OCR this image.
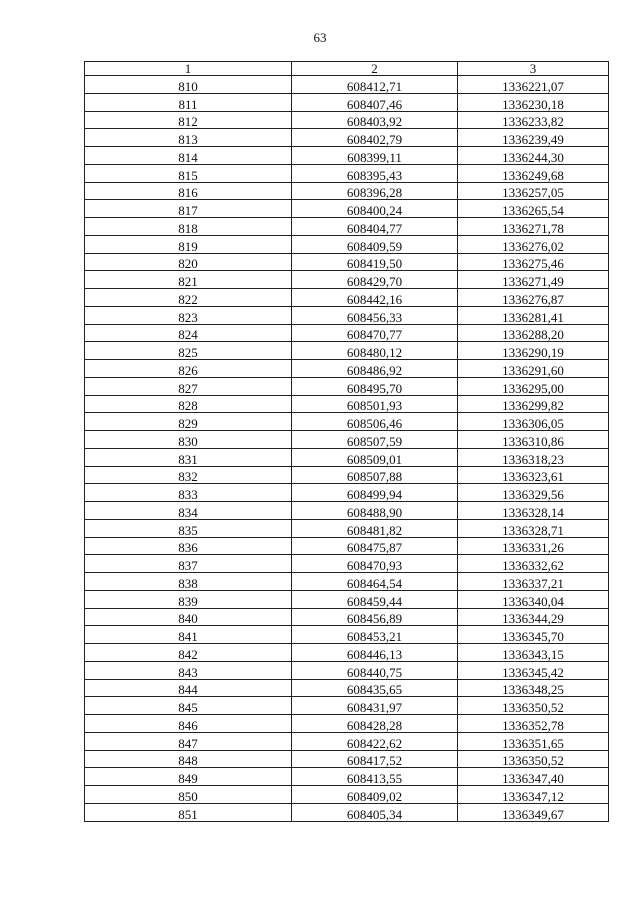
63
1	2	3
810	608412,71	1336221,07
811	608407,46	1336230,18
812	608403,92	1336233,82
813	608402,79	1336239,49
814	608399,11	1336244,30
815	608395,43	1336249,68
816	608396,28	1336257,05
817	608400,24	1336265,54
818	608404,77	1336271,78
819	608409,59	1336276,02
820	608419,50	1336275,46
821	608429,70	1336271,49
822	608442,16	1336276,87
823	608456,33	1336281,41
824	608470,77	1336288,20
825	608480,12	1336290,19
826	608486,92	1336291,60
827	608495,70	1336295,00
828	608501,93	1336299,82
829	608506,46	1336306,05
830	608507,59	1336310,86
831	608509,01	1336318,23
832	608507,88	1336323,61
833	608499,94	1336329,56
834	608488,90	1336328,14
835	608481,82	1336328,71
836	608475,87	1336331,26
837	608470,93	1336332,62
838	608464,54	1336337,21
839	608459,44	1336340,04
840	608456,89	1336344,29
841	608453,21	1336345,70
842	608446,13	1336343,15
843	608440,75	1336345,42
844	608435,65	1336348,25
845	608431,97	1336350,52
846	608428,28	1336352,78
847	608422,62	1336351,65
848	608417,52	1336350,52
849	608413,55	1336347,40
850	608409,02	1336347,12
851	608405,34	1336349,67
